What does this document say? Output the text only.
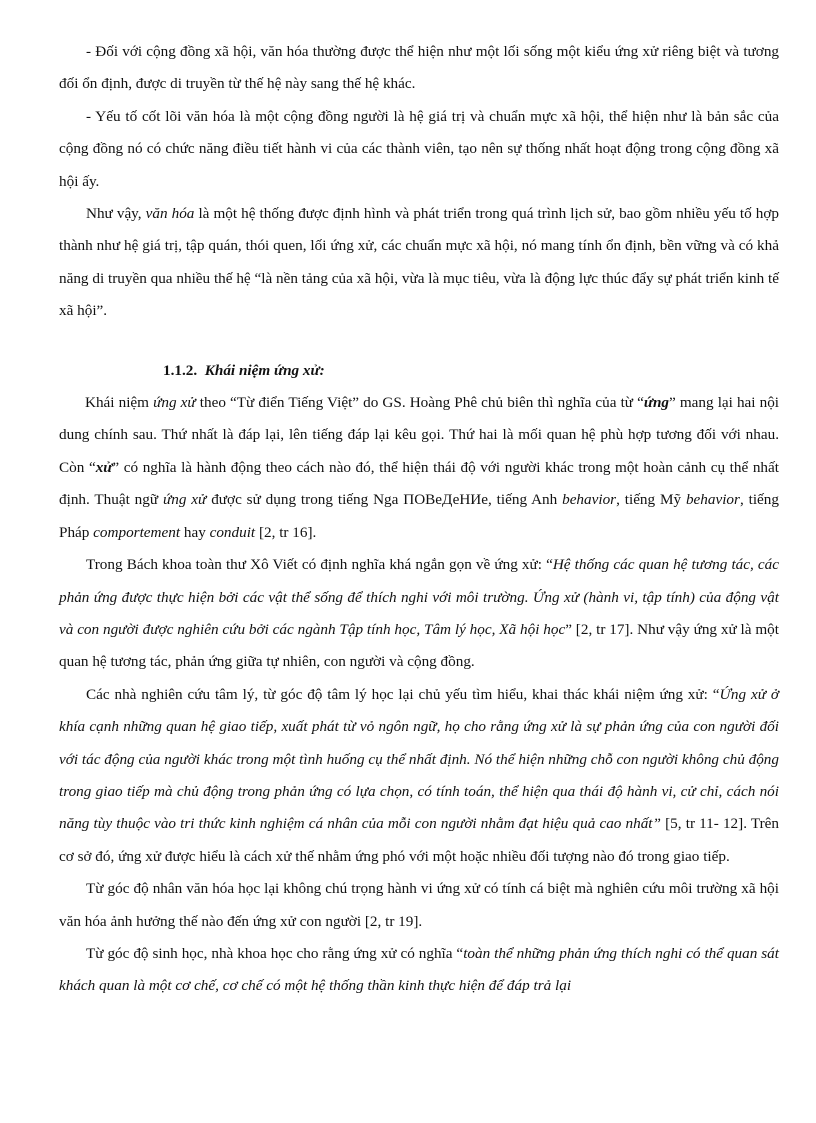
- Đối với cộng đồng xã hội, văn hóa thường được thể hiện như một lối sống một kiểu ứng xử riêng biệt và tương đối ổn định, được di truyền từ thế hệ này sang thế hệ khác.

- Yếu tố cốt lõi văn hóa là một cộng đồng người là hệ giá trị và chuẩn mực xã hội, thể hiện như là bản sắc của cộng đồng nó có chức năng điều tiết hành vi của các thành viên, tạo nên sự thống nhất hoạt động trong cộng đồng xã hội ấy.

Như vậy, văn hóa là một hệ thống được định hình và phát triển trong quá trình lịch sử, bao gồm nhiều yếu tố hợp thành như hệ giá trị, tập quán, thói quen, lối ứng xử, các chuẩn mực xã hội, nó mang tính ổn định, bền vững và có khả năng di truyền qua nhiều thế hệ “là nền tảng của xã hội, vừa là mục tiêu, vừa là động lực thúc đẩy sự phát triển kinh tế xã hội”.

1.1.2. Khái niệm ứng xử:

Khái niệm ứng xử theo “Từ điển Tiếng Việt” do GS. Hoàng Phê chủ biên thì nghĩa của từ “ứng” mang lại hai nội dung chính sau. Thứ nhất là đáp lại, lên tiếng đáp lại kêu gọi. Thứ hai là mối quan hệ phù hợp tương đối với nhau. Còn “xử” có nghĩa là hành động theo cách nào đó, thể hiện thái độ với người khác trong một hoàn cảnh cụ thể nhất định. Thuật ngữ ứng xử được sử dụng trong tiếng Nga ПОВеДеНИе, tiếng Anh behavior, tiếng Mỹ behavior, tiếng Pháp comportement hay conduit [2, tr 16].

Trong Bách khoa toàn thư Xô Viết có định nghĩa khá ngắn gọn về ứng xử: “Hệ thống các quan hệ tương tác, các phản ứng được thực hiện bởi các vật thể sống để thích nghi với môi trường. Ứng xử (hành vi, tập tính) của động vật và con người được nghiên cứu bởi các ngành Tập tính học, Tâm lý học, Xã hội học” [2, tr 17]. Như vậy ứng xử là một quan hệ tương tác, phản ứng giữa tự nhiên, con người và cộng đồng.

Các nhà nghiên cứu tâm lý, từ góc độ tâm lý học lại chủ yếu tìm hiểu, khai thác khái niệm ứng xử: “Ứng xử ở khía cạnh những quan hệ giao tiếp, xuất phát từ vỏ ngôn ngữ, họ cho rằng ứng xử là sự phản ứng của con người đối với tác động của người khác trong một tình huống cụ thể nhất định. Nó thể hiện những chỗ con người không chủ động trong giao tiếp mà chủ động trong phản ứng có lựa chọn, có tính toán, thể hiện qua thái độ hành vi, cử chỉ, cách nói năng tùy thuộc vào tri thức kinh nghiệm cá nhân của mỗi con người nhằm đạt hiệu quả cao nhất” [5, tr 11- 12]. Trên cơ sở đó, ứng xử được hiểu là cách xử thế nhằm ứng phó với một hoặc nhiều đối tượng nào đó trong giao tiếp.

Từ góc độ nhân văn hóa học lại không chú trọng hành vi ứng xử có tính cá biệt mà nghiên cứu môi trường xã hội văn hóa ảnh hưởng thế nào đến ứng xử con người [2, tr 19].

Từ góc độ sinh học, nhà khoa học cho rằng ứng xử có nghĩa “toàn thể những phản ứng thích nghi có thể quan sát khách quan là một cơ chế, cơ chế có một hệ thống thần kinh thực hiện để đáp trả lại
